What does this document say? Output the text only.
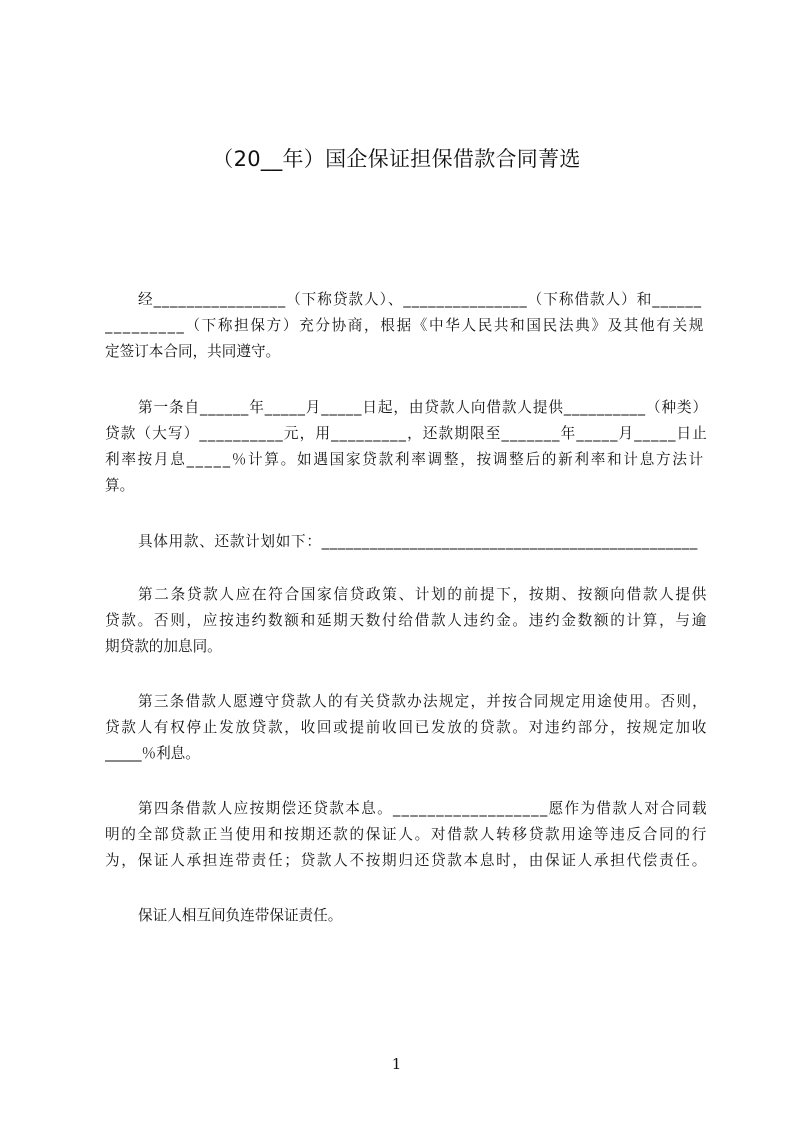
（20__年）国企保证担保借款合同菁选
经________________（下称贷款人）、_______________（下称借款人）和______
_________（下称担保方）充分协商，根据《中华人民共和国民法典》及其他有关规
定签订本合同，共同遵守。
第一条自______年_____月_____日起，由贷款人向借款人提供__________（种类）
贷款（大写）__________元，用_________，还款期限至_______年_____月_____日止
利率按月息_____％计算。如遇国家贷款利率调整，按调整后的新利率和计息方法计
算。
具体用款、还款计划如下：_______________________________________________
第二条贷款人应在符合国家信贷政策、计划的前提下，按期、按额向借款人提供
贷款。否则，应按违约数额和延期天数付给借款人违约金。违约金数额的计算，与逾
期贷款的加息同。
第三条借款人愿遵守贷款人的有关贷款办法规定，并按合同规定用途使用。否则，
贷款人有权停止发放贷款，收回或提前收回已发放的贷款。对违约部分，按规定加收
_____％利息。
第四条借款人应按期偿还贷款本息。__________________愿作为借款人对合同载
明的全部贷款正当使用和按期还款的保证人。对借款人转移贷款用途等违反合同的行
为，保证人承担连带责任；贷款人不按期归还贷款本息时，由保证人承担代偿责任。
保证人相互间负连带保证责任。
1
